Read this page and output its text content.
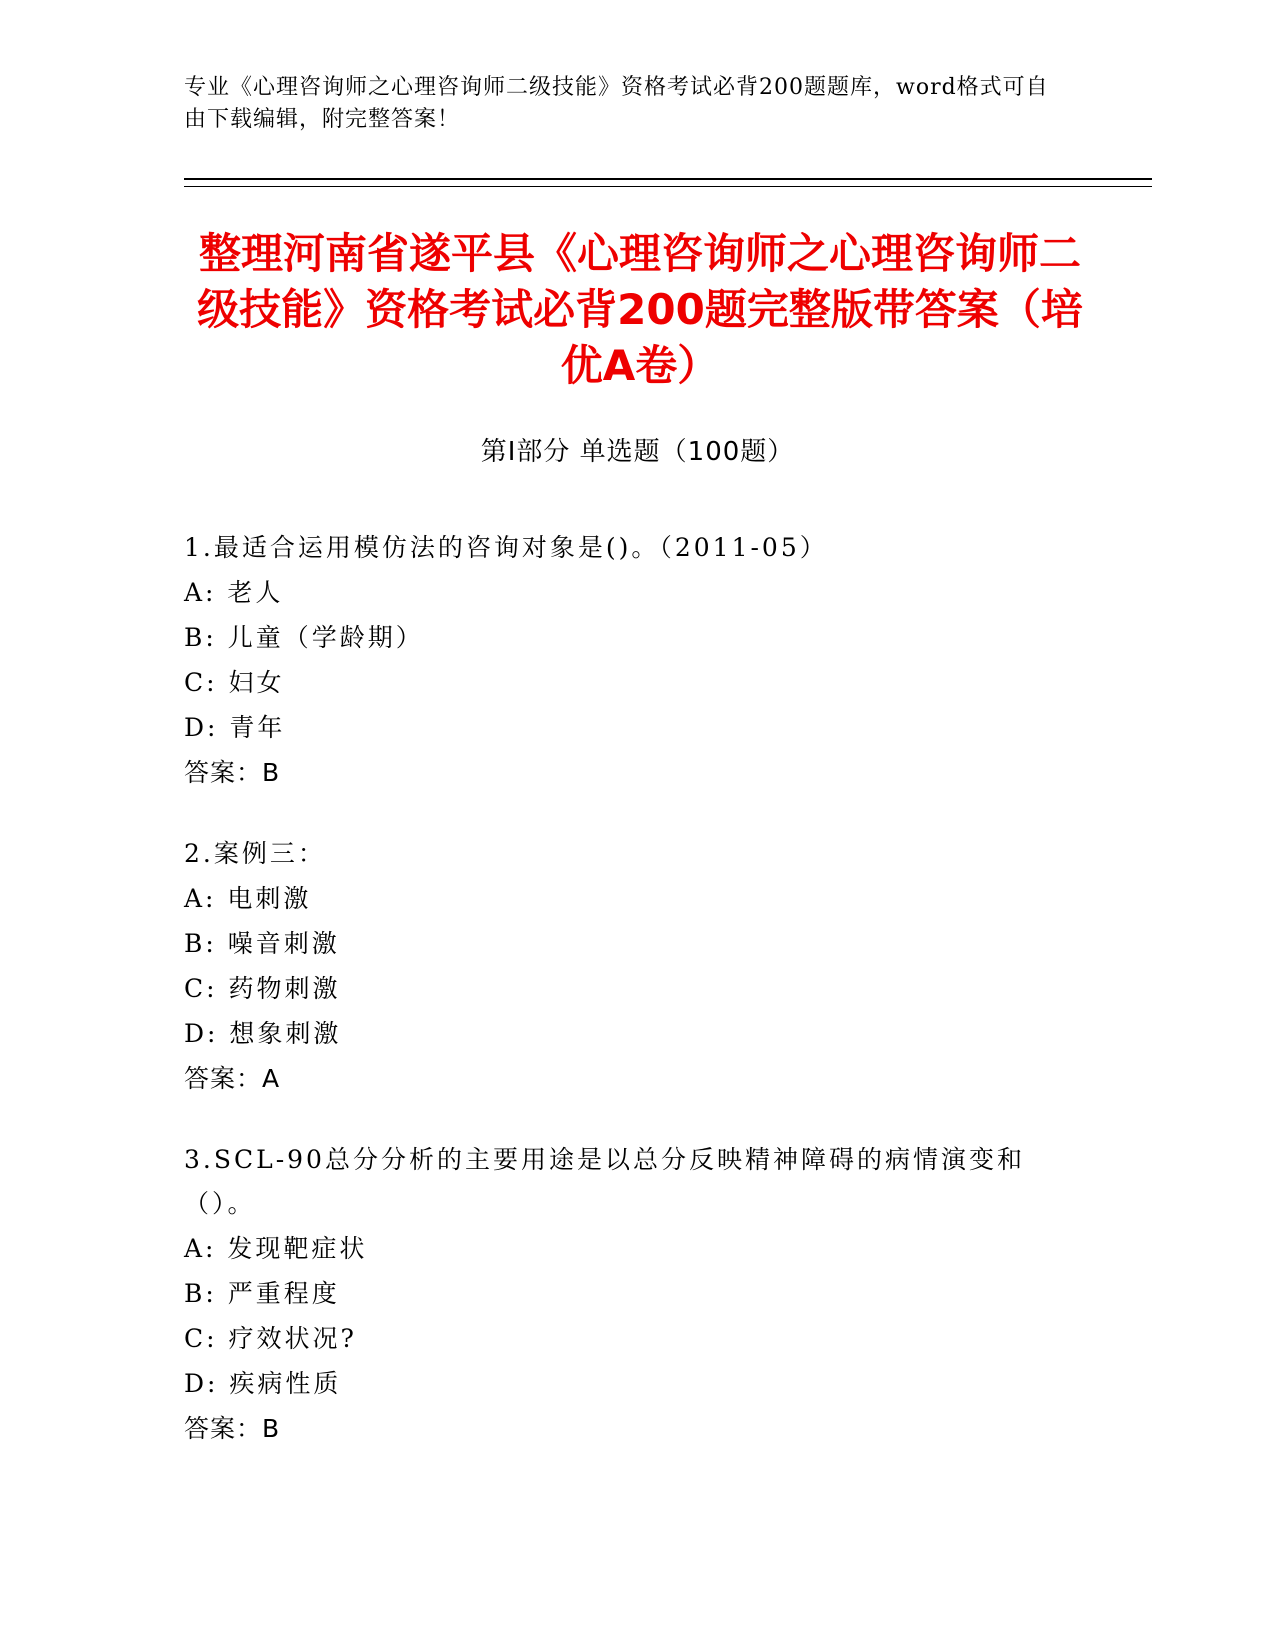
专业《心理咨询师之心理咨询师二级技能》资格考试必背200题题库，word格式可自由下载编辑，附完整答案！
整理河南省遂平县《心理咨询师之心理咨询师二级技能》资格考试必背200题完整版带答案（培优A卷）
第Ⅰ部分 单选题（100题）
1.最适合运用模仿法的咨询对象是()。（2011-05）
A: 老人
B: 儿童（学龄期）
C: 妇女
D: 青年
答案：B
2.案例三：
A: 电刺激
B: 噪音刺激
C: 药物刺激
D: 想象刺激
答案：A
3.SCL-90总分分析的主要用途是以总分反映精神障碍的病情演变和（）。
A: 发现靶症状
B: 严重程度
C: 疗效状况?
D: 疾病性质
答案：B
